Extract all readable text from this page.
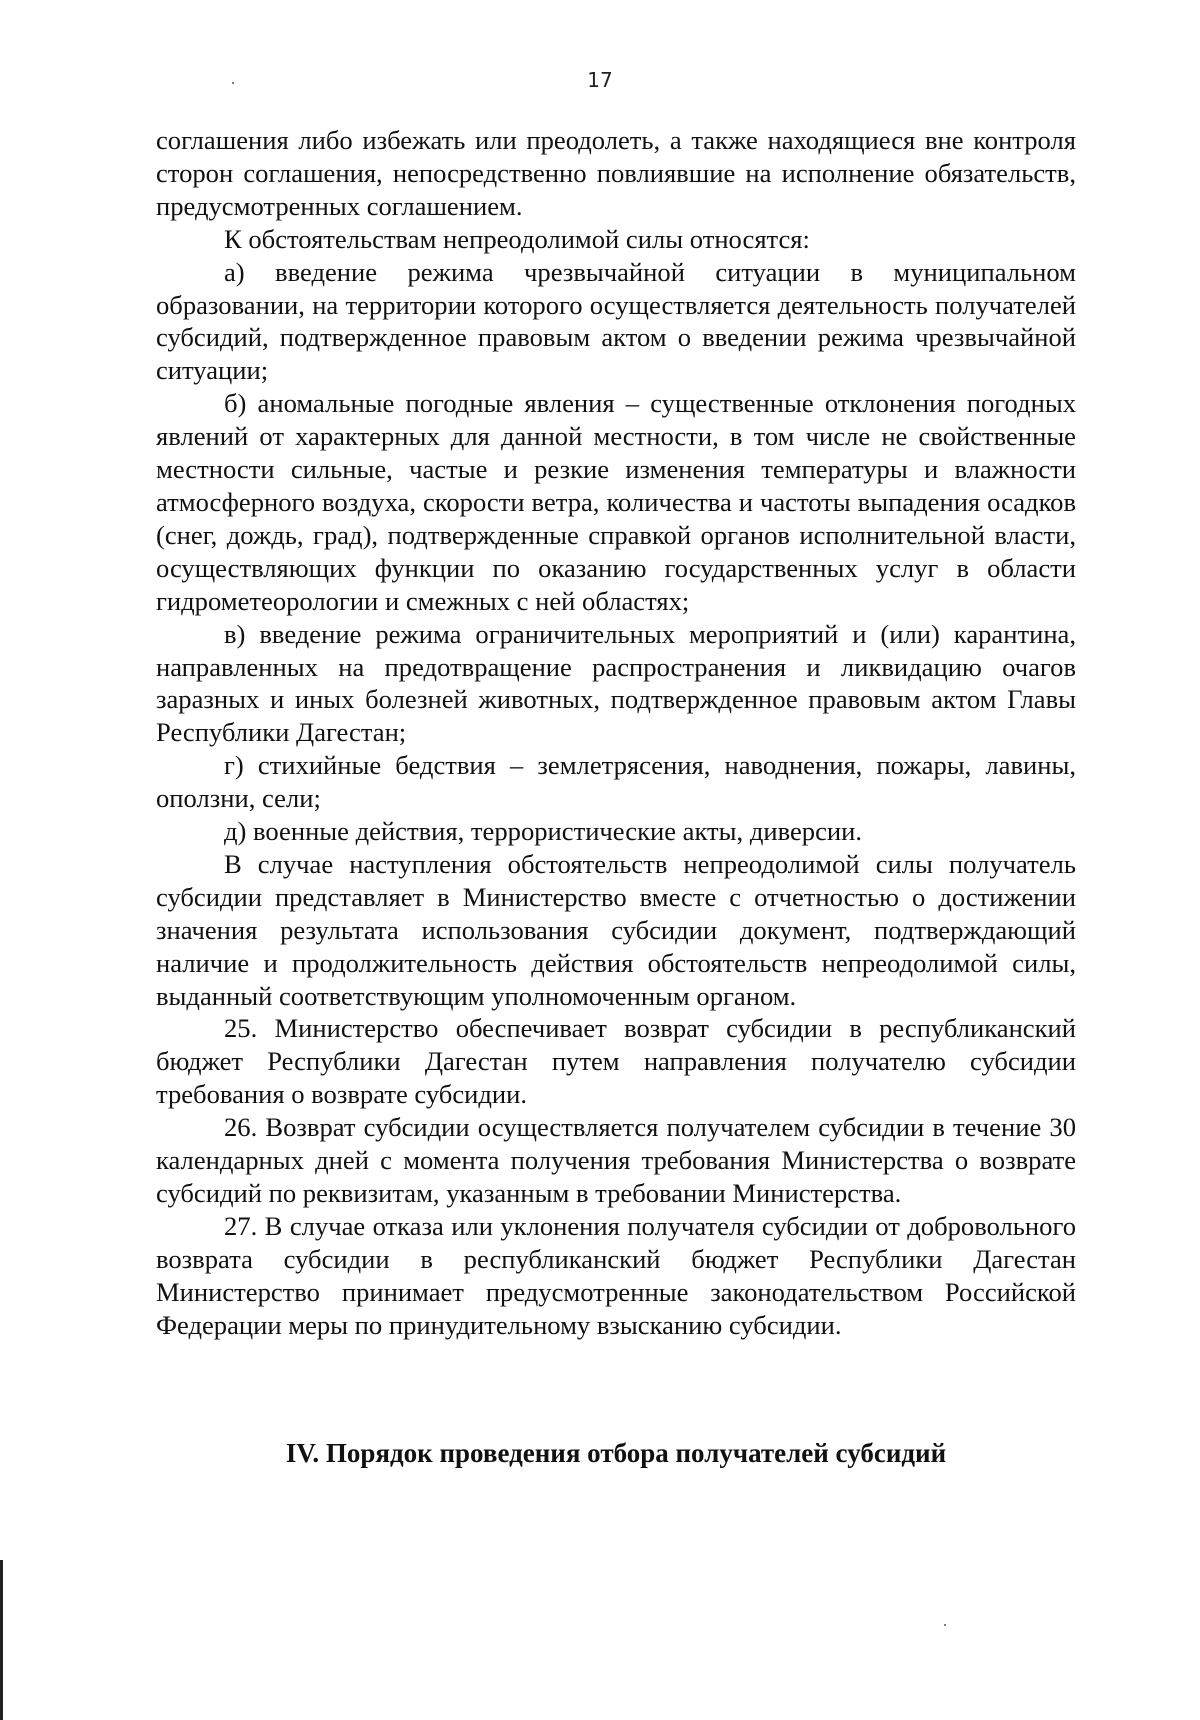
17

соглашения либо избежать или преодолеть, а также находящиеся вне контроля сторон соглашения, непосредственно повлиявшие на исполнение обязательств, предусмотренных соглашением.

К обстоятельствам непреодолимой силы относятся:

а) введение режима чрезвычайной ситуации в муниципальном образовании, на территории которого осуществляется деятельность получателей субсидий, подтвержденное правовым актом о введении режима чрезвычайной ситуации;

б) аномальные погодные явления – существенные отклонения погодных явлений от характерных для данной местности, в том числе не свойственные местности сильные, частые и резкие изменения температуры и влажности атмосферного воздуха, скорости ветра, количества и частоты выпадения осадков (снег, дождь, град), подтвержденные справкой органов исполнительной власти, осуществляющих функции по оказанию государственных услуг в области гидрометеорологии и смежных с ней областях;

в) введение режима ограничительных мероприятий и (или) карантина, направленных на предотвращение распространения и ликвидацию очагов заразных и иных болезней животных, подтвержденное правовым актом Главы Республики Дагестан;

г) стихийные бедствия – землетрясения, наводнения, пожары, лавины, оползни, сели;

д) военные действия, террористические акты, диверсии.

В случае наступления обстоятельств непреодолимой силы получатель субсидии представляет в Министерство вместе с отчетностью о достижении значения результата использования субсидии документ, подтверждающий наличие и продолжительность действия обстоятельств непреодолимой силы, выданный соответствующим уполномоченным органом.

25. Министерство обеспечивает возврат субсидии в республиканский бюджет Республики Дагестан путем направления получателю субсидии требования о возврате субсидии.

26. Возврат субсидии осуществляется получателем субсидии в течение 30 календарных дней с момента получения требования Министерства о возврате субсидий по реквизитам, указанным в требовании Министерства.

27. В случае отказа или уклонения получателя субсидии от добровольного возврата субсидии в республиканский бюджет Республики Дагестан Министерство принимает предусмотренные законодательством Российской Федерации меры по принудительному взысканию субсидии.

IV. Порядок проведения отбора получателей субсидий
